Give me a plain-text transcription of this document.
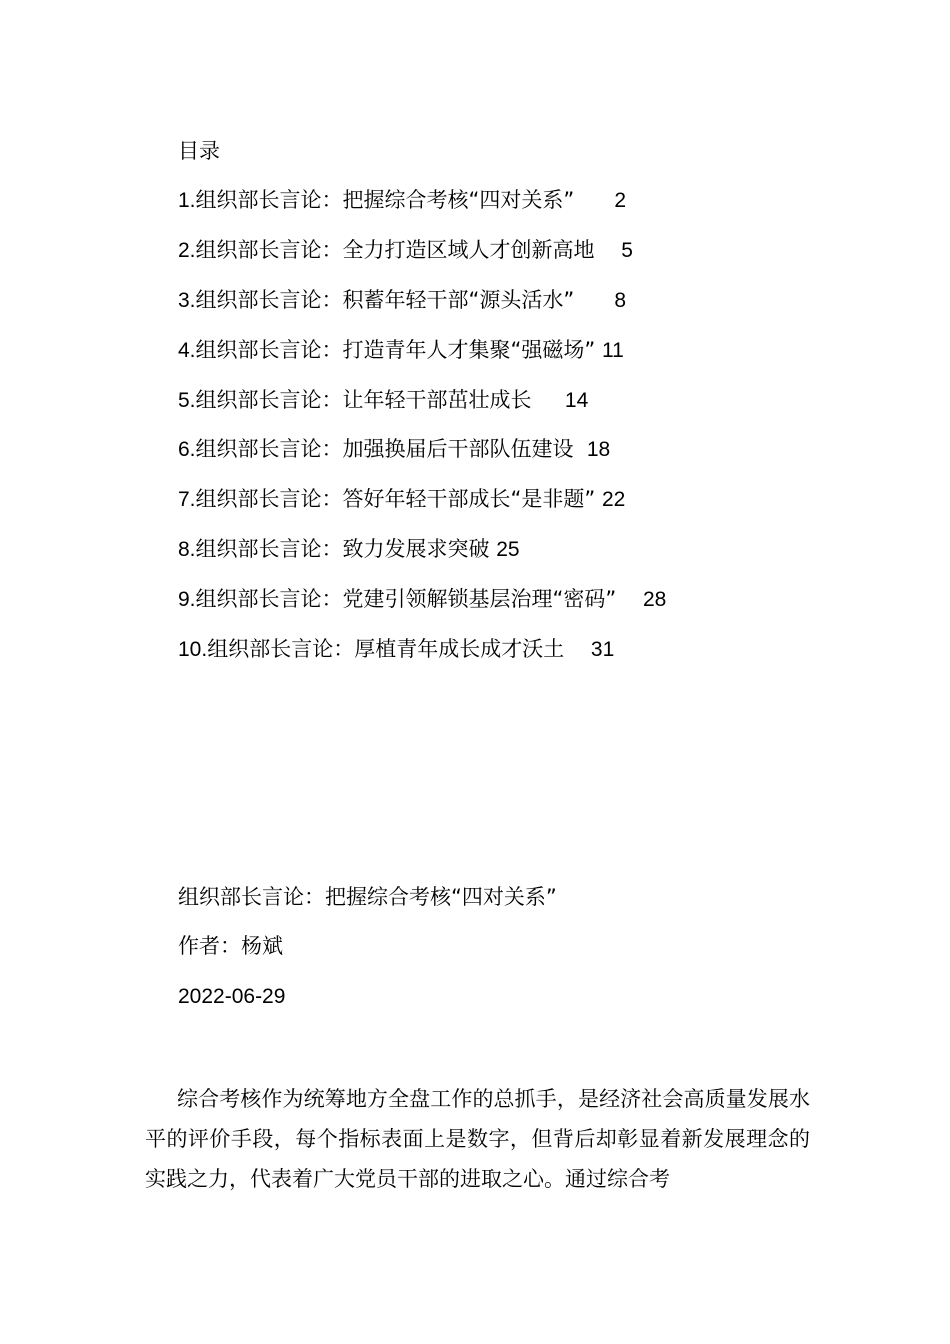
目录
1.组织部长言论：把握综合考核“四对关系” 2
2.组织部长言论：全力打造区域人才创新高地 5
3.组织部长言论：积蓄年轻干部“源头活水” 8
4.组织部长言论：打造青年人才集聚“强磁场” 11
5.组织部长言论：让年轻干部茁壮成长 14
6.组织部长言论：加强换届后干部队伍建设 18
7.组织部长言论：答好年轻干部成长“是非题” 22
8.组织部长言论：致力发展求突破 25
9.组织部长言论：党建引领解锁基层治理“密码” 28
10.组织部长言论：厚植青年成长成才沃土 31
组织部长言论：把握综合考核“四对关系”
作者：杨斌
2022-06-29

综合考核作为统筹地方全盘工作的总抓手，是经济社会高质量发展水平的评价手段，每个指标表面上是数字，但背后却彰显着新发展理念的实践之力，代表着广大党员干部的进取之心。通过综合考
